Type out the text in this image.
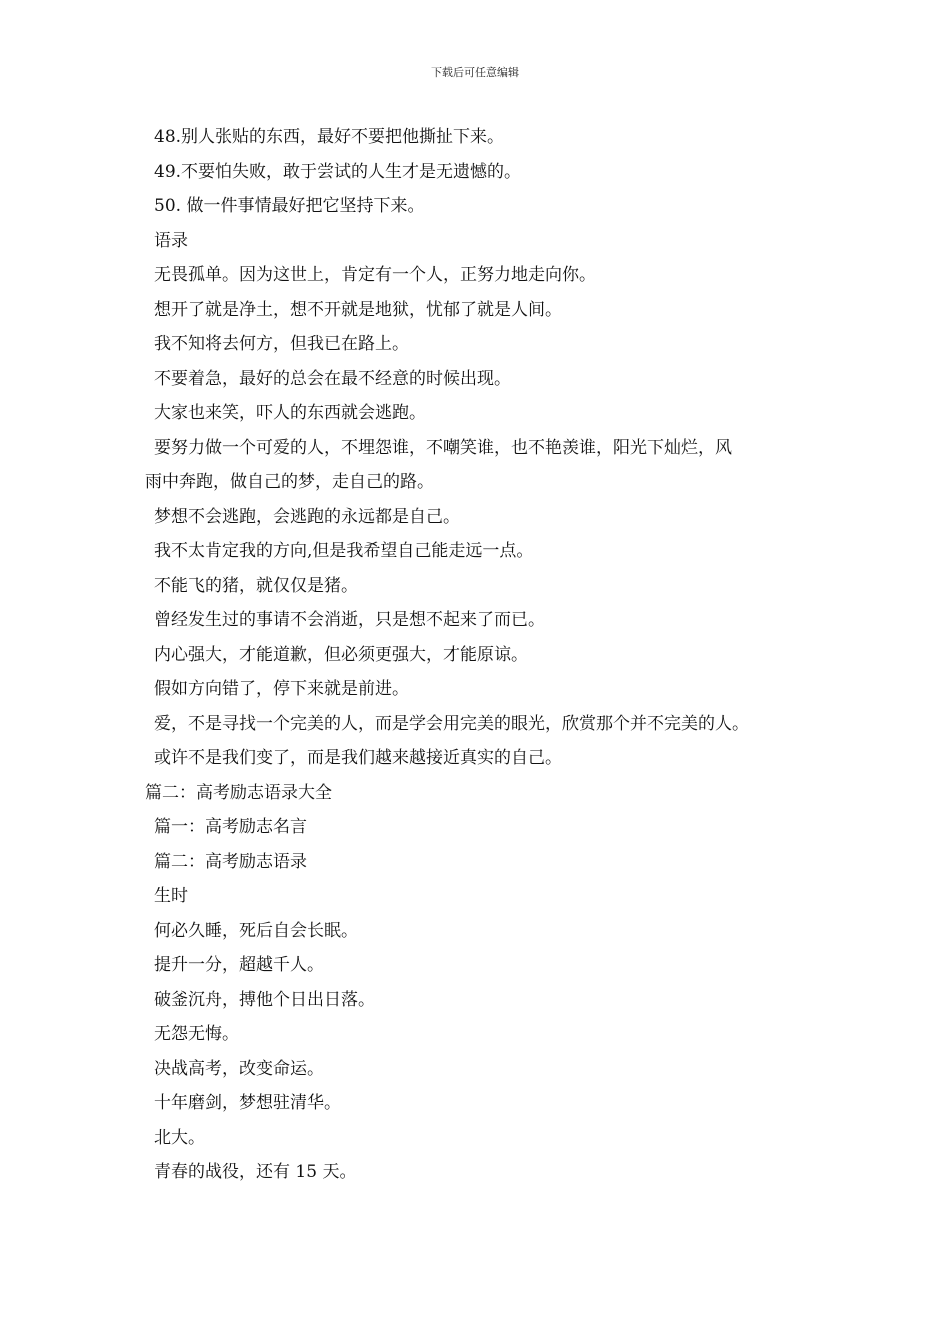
下载后可任意编辑
48.别人张贴的东西，最好不要把他撕扯下来。
49.不要怕失败，敢于尝试的人生才是无遗憾的。
50. 做一件事情最好把它坚持下来。
语录
无畏孤单。因为这世上，肯定有一个人，正努力地走向你。
想开了就是净土，想不开就是地狱，忧郁了就是人间。
我不知将去何方，但我已在路上。
不要着急，最好的总会在最不经意的时候出现。
大家也来笑，吓人的东西就会逃跑。
要努力做一个可爱的人，不埋怨谁，不嘲笑谁，也不艳羡谁，阳光下灿烂，风
雨中奔跑，做自己的梦，走自己的路。
梦想不会逃跑，会逃跑的永远都是自己。
我不太肯定我的方向,但是我希望自己能走远一点。
不能飞的猪，就仅仅是猪。
曾经发生过的事请不会消逝，只是想不起来了而已。
内心强大，才能道歉，但必须更强大，才能原谅。
假如方向错了，停下来就是前进。
爱，不是寻找一个完美的人，而是学会用完美的眼光，欣赏那个并不完美的人。
或许不是我们变了，而是我们越来越接近真实的自己。
篇二：高考励志语录大全
篇一：高考励志名言
篇二：高考励志语录
生时
何必久睡，死后自会长眠。
提升一分，超越千人。
破釜沉舟，搏他个日出日落。
无怨无悔。
决战高考，改变命运。
十年磨剑，梦想驻清华。
北大。
青春的战役，还有 15 天。
